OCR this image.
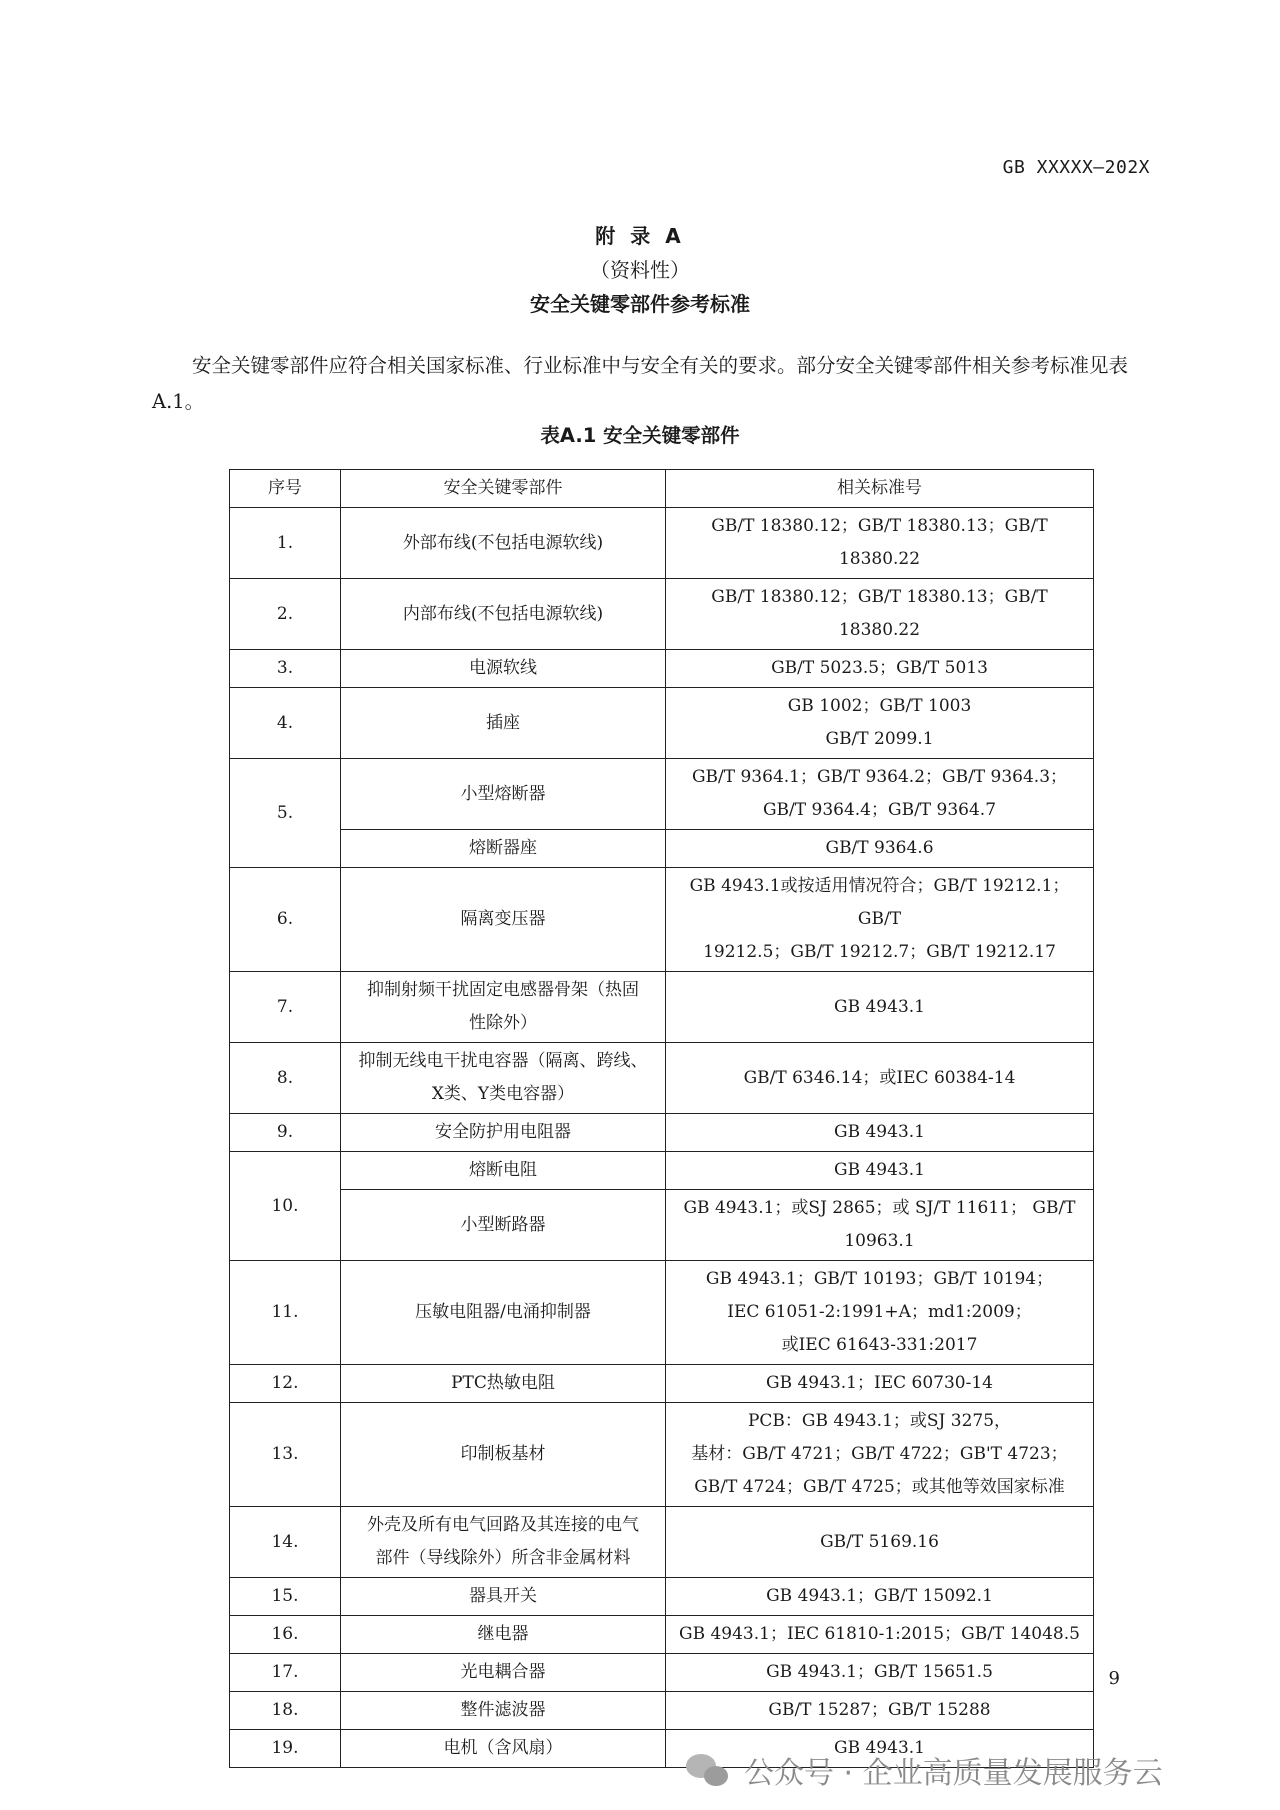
GB XXXXX—202X
附 录 A
（资料性）
安全关键零部件参考标准

安全关键零部件应符合相关国家标准、行业标准中与安全有关的要求。部分安全关键零部件相关参考标准见表 A.1。

表A.1 安全关键零部件
序号	安全关键零部件	相关标准号
1.	外部布线(不包括电源软线)	GB/T 18380.12；GB/T 18380.13；GB/T 18380.22
2.	内部布线(不包括电源软线)	GB/T 18380.12；GB/T 18380.13；GB/T 18380.22
3.	电源软线	GB/T 5023.5；GB/T 5013
4.	插座	GB 1002；GB/T 1003
GB/T 2099.1

5.	小型熔断器	GB/T 9364.1；GB/T 9364.2；GB/T 9364.3；
GB/T 9364.4；GB/T 9364.7

	熔断器座	GB/T 9364.6
6.	隔离变压器	GB 4943.1或按适用情况符合；GB/T 19212.1；GB/T
19212.5；GB/T 19212.7；GB/T 19212.17

7.	抑制射频干扰固定电感器骨架（热固
性除外）	GB 4943.1
8.	抑制无线电干扰电容器（隔离、跨线、
X类、Y类电容器）	GB/T 6346.14；或IEC 60384-14
9.	安全防护用电阻器	GB 4943.1
10.	熔断电阻	GB 4943.1
	小型断路器	GB 4943.1；或SJ 2865；或 SJ/T 11611； GB/T
10963.1

11.	压敏电阻器/电涌抑制器	GB 4943.1；GB/T 10193；GB/T 10194；
IEC 61051-2:1991+A；md1:2009；
或IEC 61643-331:2017

12.	PTC热敏电阻	GB 4943.1；IEC 60730-14
13.	印制板基材	PCB：GB 4943.1；或SJ 3275，
基材：GB/T 4721；GB/T 4722；GB'T 4723；
GB/T 4724；GB/T 4725；或其他等效国家标准

14.	外壳及所有电气回路及其连接的电气
部件（导线除外）所含非金属材料	GB/T 5169.16
15.	器具开关	GB 4943.1；GB/T 15092.1
16.	继电器	GB 4943.1；IEC 61810-1:2015；GB/T 14048.5
17.	光电耦合器	GB 4943.1；GB/T 15651.5
18.	整件滤波器	GB/T 15287；GB/T 15288
19.	电机（含风扇）	GB 4943.1
9
公众号 · 企业高质量发展服务云
